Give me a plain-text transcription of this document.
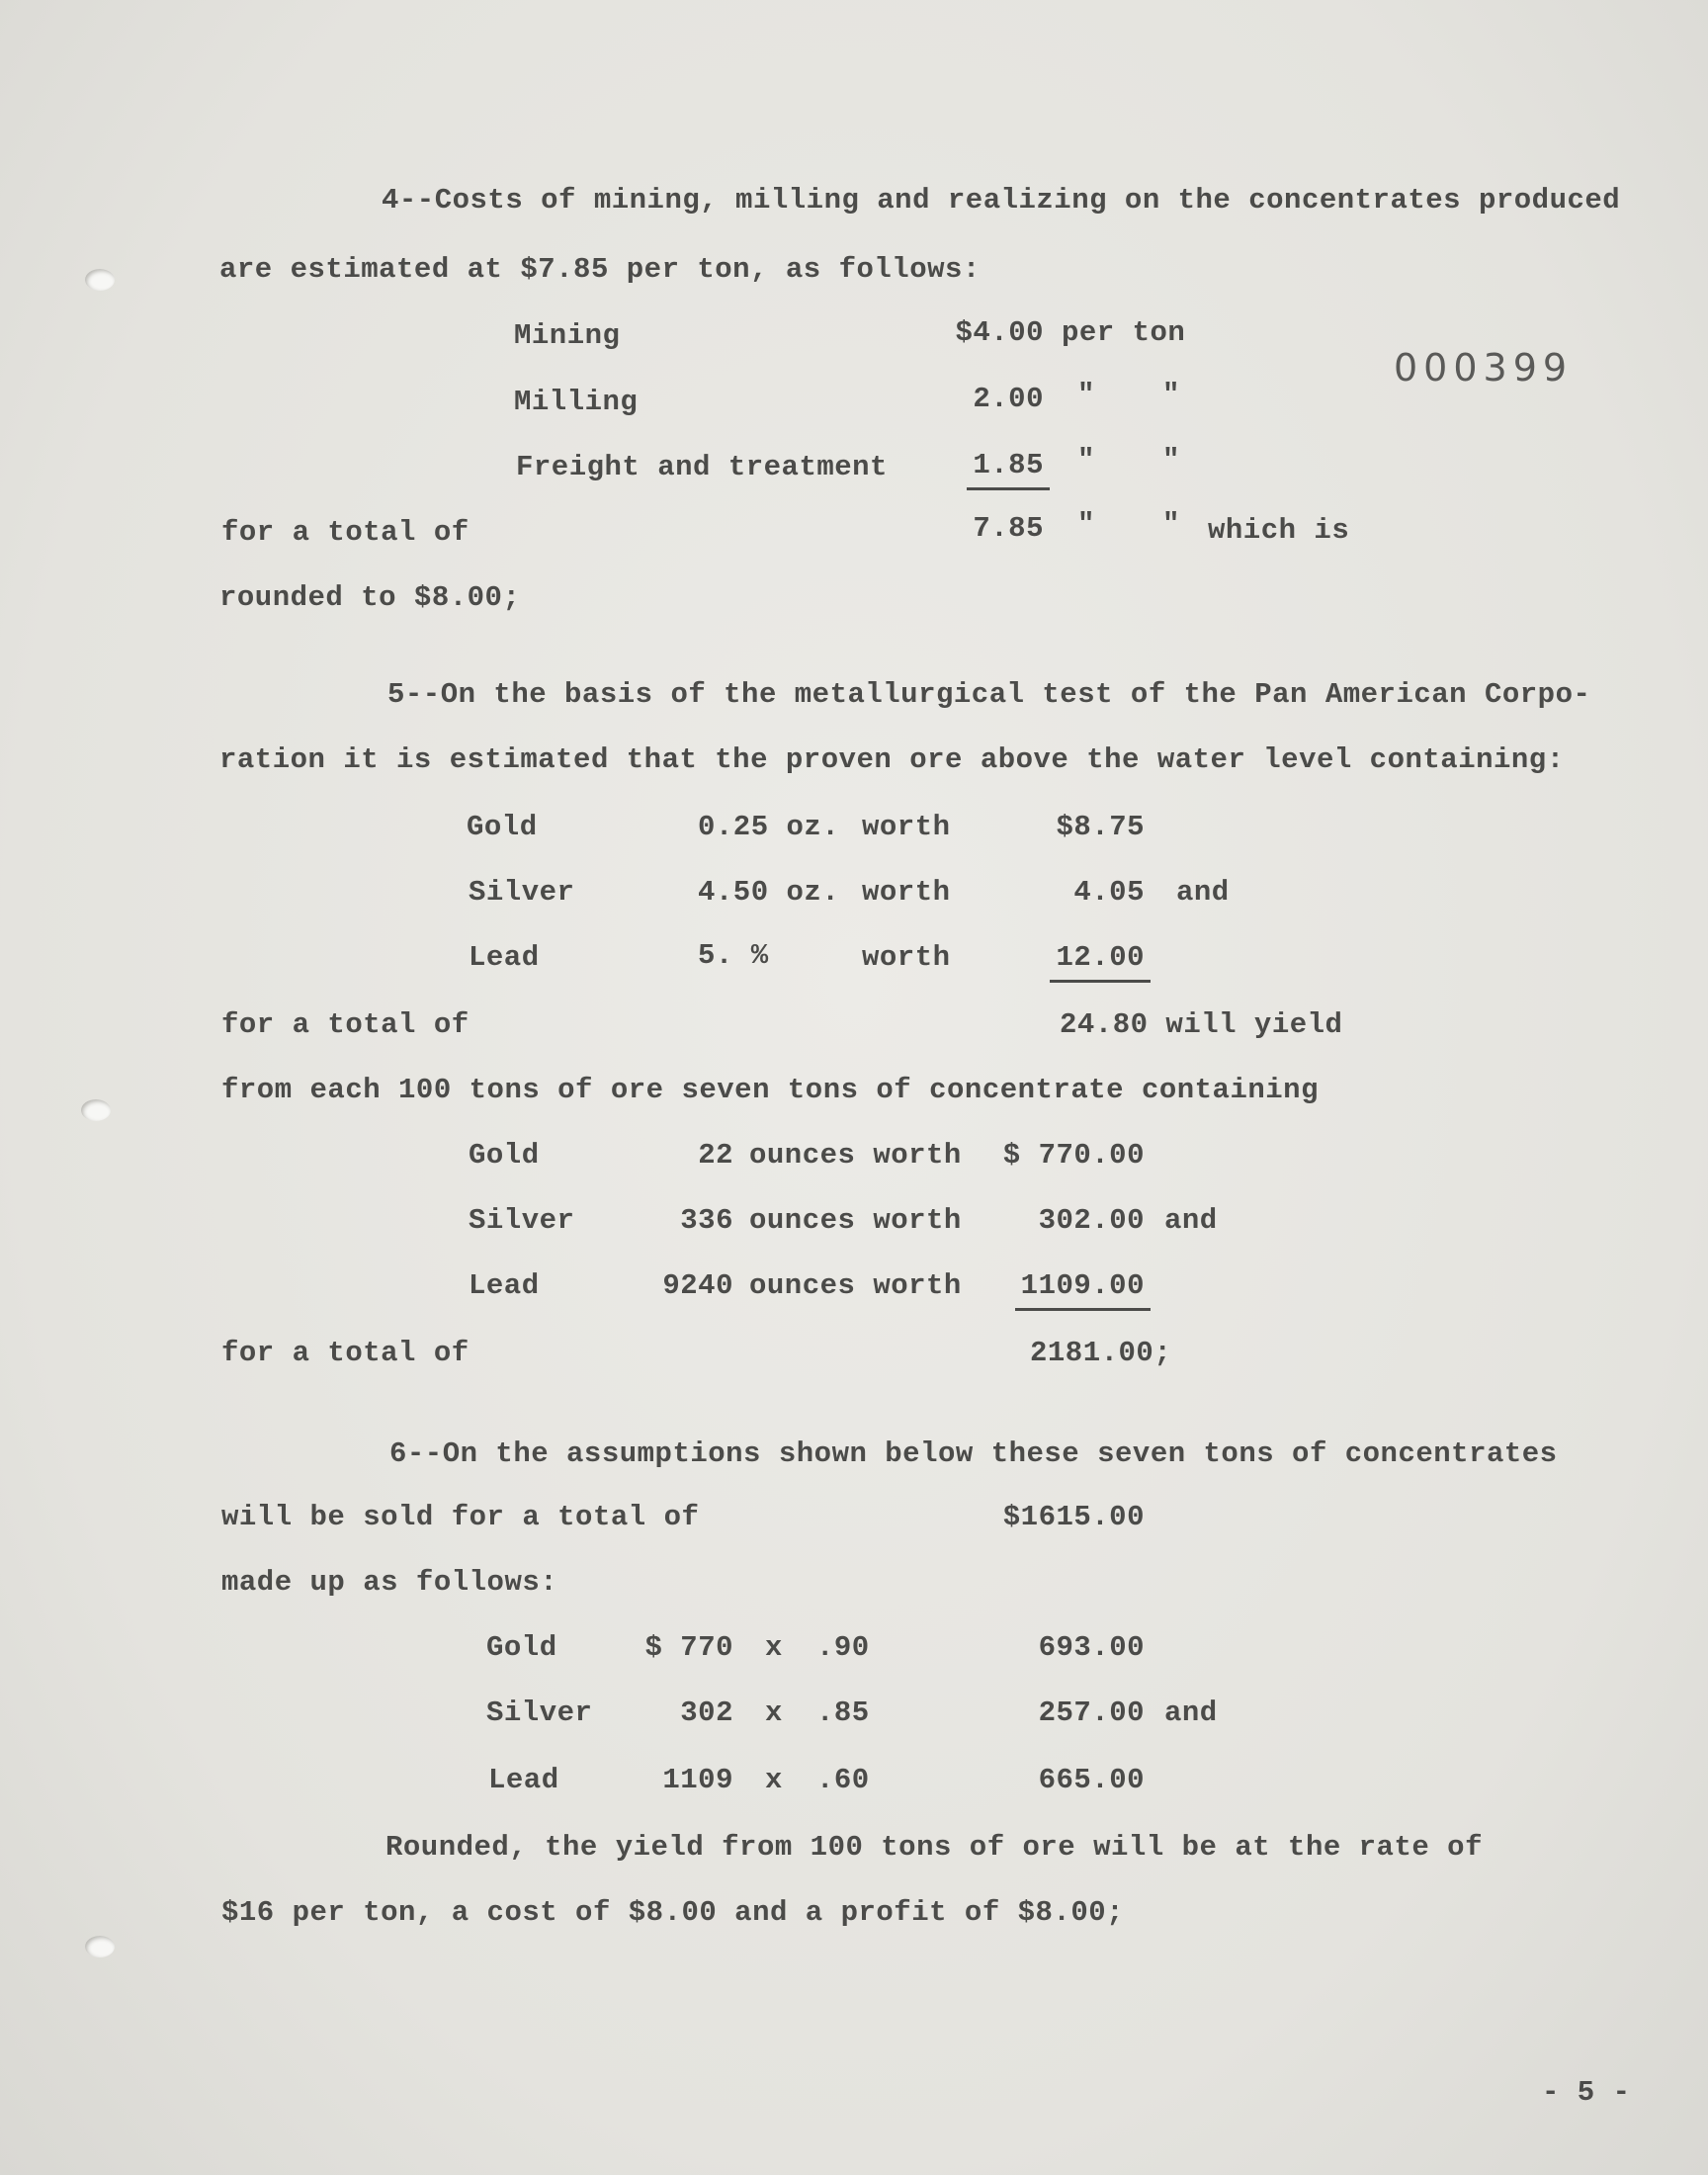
000399
4--Costs of mining, milling and realizing on the concentrates produced
are estimated at $7.85 per ton, as follows:
Mining	$4.00 per ton
Milling	2.00 " "
Freight and treatment	1.85 " "
for a total of	7.85 " " which is
rounded to $8.00;
5--On the basis of the metallurgical test of the Pan American Corpo-
ration it is estimated that the proven ore above the water level containing:
Gold	0.25 oz. worth	$8.75
Silver	4.50 oz. worth	4.05 and
Lead	5. %	worth	12.00
for a total of	24.80 will yield
from each 100 tons of ore seven tons of concentrate containing
Gold	22 ounces worth $ 770.00
Silver	336 ounces worth	302.00 and
Lead	9240 ounces worth 1109.00
for a total of	2181.00;
6--On the assumptions shown below these seven tons of concentrates
will be sold for a total of	$1615.00
made up as follows:
Gold	$ 770 x .90	693.00
Silver	302 x .85	257.00 and
Lead	1109 x .60	665.00
Rounded, the yield from 100 tons of ore will be at the rate of
$16 per ton, a cost of $8.00 and a profit of $8.00;
- 5 -
